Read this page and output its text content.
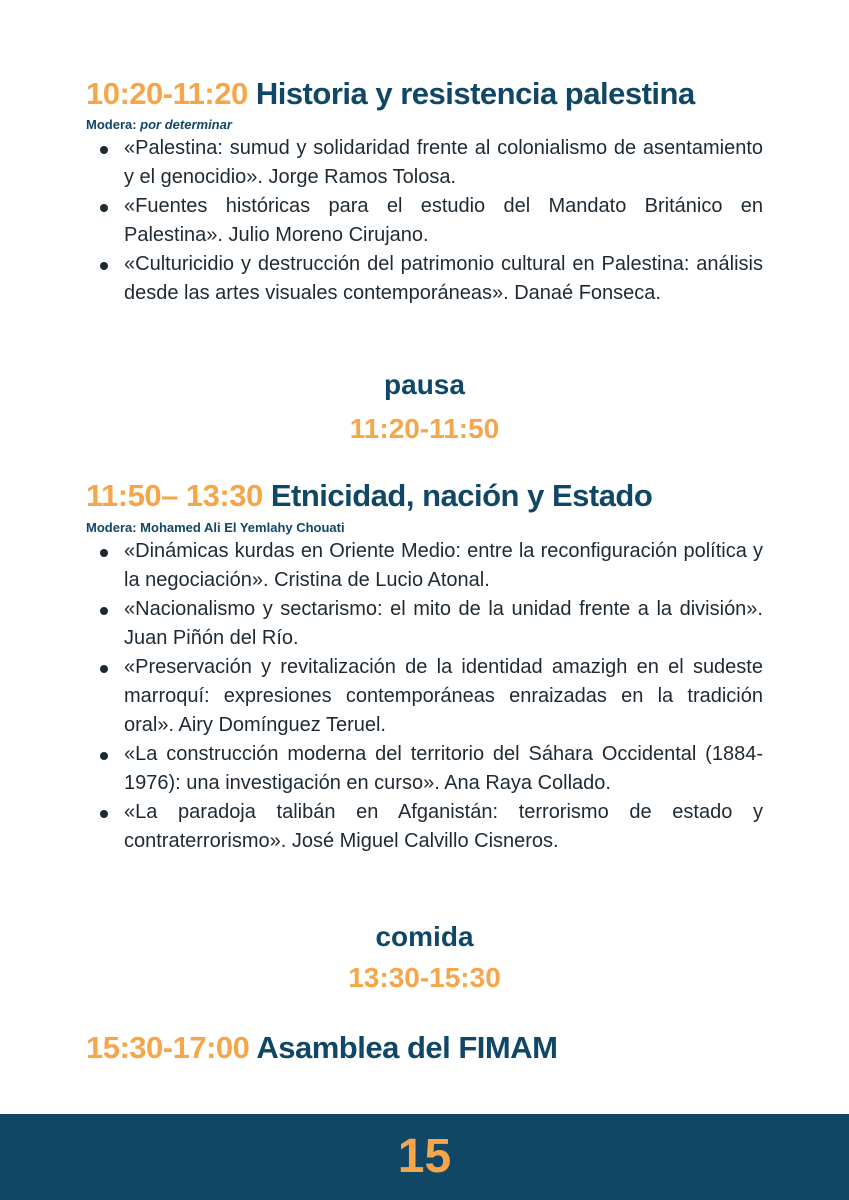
10:20-11:20 Historia y resistencia palestina

Modera: por determinar

«Palestina: sumud y solidaridad frente al colonialismo de asentamiento y el genocidio». Jorge Ramos Tolosa.
«Fuentes históricas para el estudio del Mandato Británico en Palestina». Julio Moreno Cirujano.
«Culturicidio y destrucción del patrimonio cultural en Palestina: análisis desde las artes visuales contemporáneas». Danaé Fonseca.

pausa

11:20-11:50

11:50– 13:30 Etnicidad, nación y Estado

Modera: Mohamed Ali El Yemlahy Chouati

«Dinámicas kurdas en Oriente Medio: entre la reconfiguración política y la negociación». Cristina de Lucio Atonal.
«Nacionalismo y sectarismo: el mito de la unidad frente a la división». Juan Piñón del Río.
«Preservación y revitalización de la identidad amazigh en el sudeste marroquí: expresiones contemporáneas enraizadas en la tradición oral». Airy Domínguez Teruel.
«La construcción moderna del territorio del Sáhara Occidental (1884-1976): una investigación en curso». Ana Raya Collado.
«La paradoja talibán en Afganistán: terrorismo de estado y contraterrorismo». José Miguel Calvillo Cisneros.

comida

13:30-15:30

15:30-17:00 Asamblea del FIMAM
15
